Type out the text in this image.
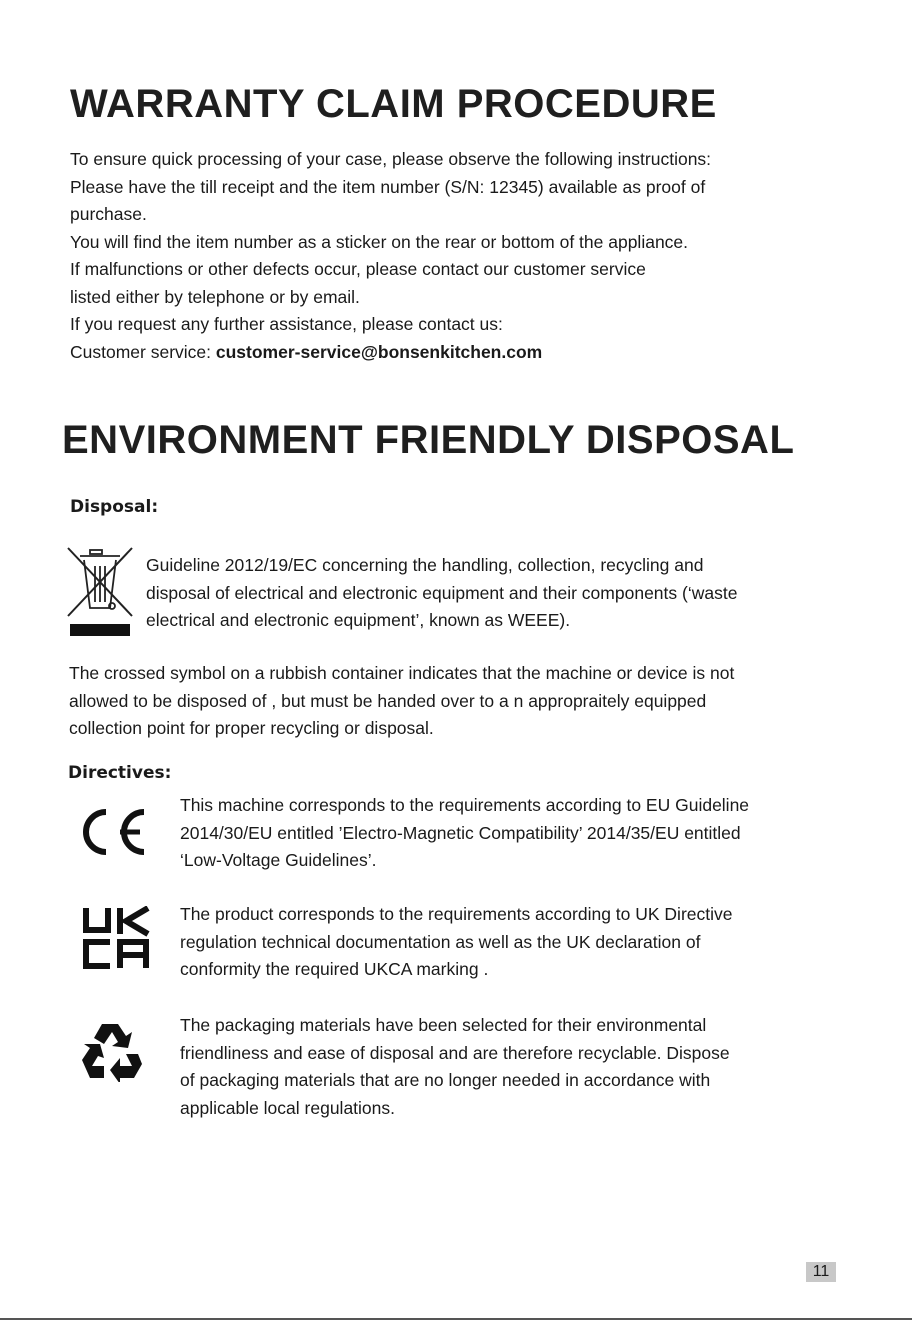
WARRANTY CLAIM PROCEDURE
To ensure quick processing of your case, please observe the following instructions:
Please have the till receipt and the item number (S/N: 12345) available as proof of
purchase.
You will find the item number as a sticker on the rear or bottom of the appliance.
If malfunctions or other defects occur, please contact our customer service
listed either by telephone or by email.
If you request any further assistance, please contact us:
Customer service: customer-service@bonsenkitchen.com
ENVIRONMENT FRIENDLY DISPOSAL
Disposal:
Guideline 2012/19/EC concerning the handling, collection, recycling and
disposal of electrical and electronic equipment and their components (‘waste
electrical and electronic equipment’, known as WEEE).
The crossed symbol on a rubbish container indicates that the machine or device is not
allowed to be disposed of , but must be handed over to a n appropraitely equipped
collection point for proper recycling or disposal.
Directives:
This machine corresponds to the requirements according to EU Guideline
2014/30/EU entitled ’Electro-Magnetic Compatibility’ 2014/35/EU entitled
‘Low-Voltage Guidelines’.
The product corresponds to the requirements according to UK Directive
regulation technical documentation as well as the UK declaration of
conformity the required UKCA marking .
The packaging materials have been selected for their environmental
friendliness and ease of disposal and are therefore recyclable. Dispose
of packaging materials that are no longer needed in accordance with
applicable local regulations.
11
